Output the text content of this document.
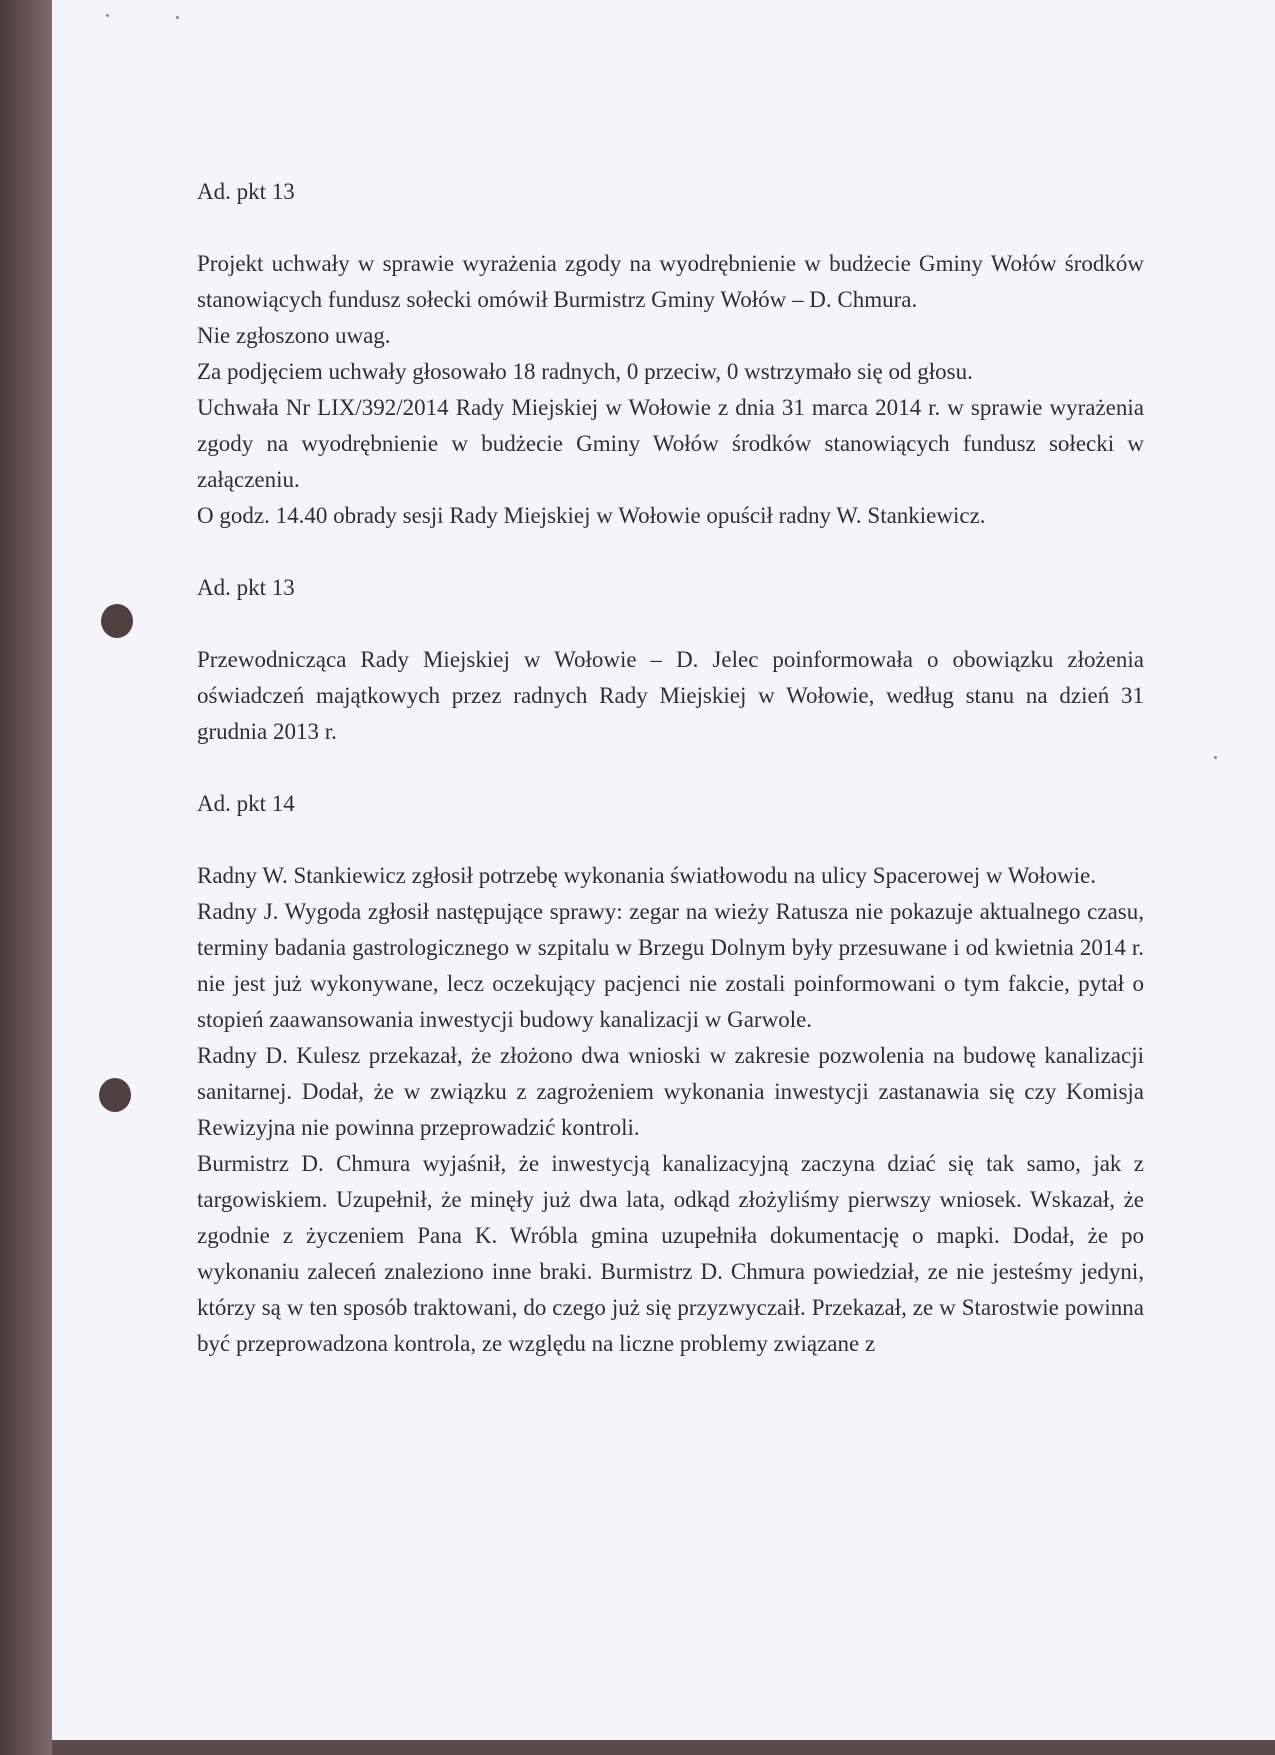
Ad. pkt 13

Projekt uchwały w sprawie wyrażenia zgody na wyodrębnienie w budżecie Gminy Wołów środków stanowiących fundusz sołecki omówił Burmistrz Gminy Wołów – D. Chmura.

Nie zgłoszono uwag.

Za podjęciem uchwały głosowało 18 radnych, 0 przeciw, 0 wstrzymało się od głosu.

Uchwała Nr LIX/392/2014 Rady Miejskiej w Wołowie z dnia 31 marca 2014 r. w sprawie wyrażenia zgody na wyodrębnienie w budżecie Gminy Wołów środków stanowiących fundusz sołecki w załączeniu.

O godz. 14.40 obrady sesji Rady Miejskiej w Wołowie opuścił radny W. Stankiewicz.

Ad. pkt 13

Przewodnicząca Rady Miejskiej w Wołowie – D. Jelec poinformowała o obowiązku złożenia oświadczeń majątkowych przez radnych Rady Miejskiej w Wołowie, według stanu na dzień 31 grudnia 2013 r.

Ad. pkt 14

Radny W. Stankiewicz zgłosił potrzebę wykonania światłowodu na ulicy Spacerowej w Wołowie.

Radny J. Wygoda zgłosił następujące sprawy: zegar na wieży Ratusza nie pokazuje aktualnego czasu, terminy badania gastrologicznego w szpitalu w Brzegu Dolnym były przesuwane i od kwietnia 2014 r. nie jest już wykonywane, lecz oczekujący pacjenci nie zostali poinformowani o tym fakcie, pytał o stopień zaawansowania inwestycji budowy kanalizacji w Garwole.

Radny D. Kulesz przekazał, że złożono dwa wnioski w zakresie pozwolenia na budowę kanalizacji sanitarnej. Dodał, że w związku z zagrożeniem wykonania inwestycji zastanawia się czy Komisja Rewizyjna nie powinna przeprowadzić kontroli.

Burmistrz D. Chmura wyjaśnił, że inwestycją kanalizacyjną zaczyna dziać się tak samo, jak z targowiskiem. Uzupełnił, że minęły już dwa lata, odkąd złożyliśmy pierwszy wniosek. Wskazał, że zgodnie z życzeniem Pana K. Wróbla gmina uzupełniła dokumentację o mapki. Dodał, że po wykonaniu zaleceń znaleziono inne braki. Burmistrz D. Chmura powiedział, ze nie jesteśmy jedyni, którzy są w ten sposób traktowani, do czego już się przyzwyczaił. Przekazał, ze w Starostwie powinna być przeprowadzona kontrola, ze względu na liczne problemy związane z
